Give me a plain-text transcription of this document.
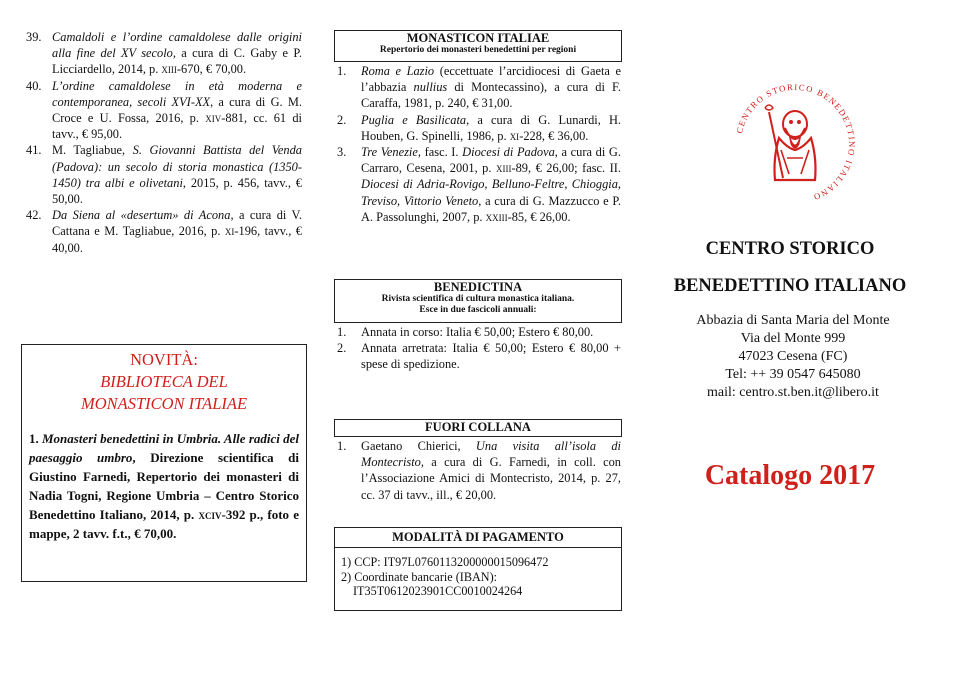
39. Camaldoli e l’ordine camaldolese dalle origini alla fine del XV secolo, a cura di C. Gaby e P. Licciardello, 2014, p. xiii-670, € 70,00.
40. L’ordine camaldolese in età moderna e contemporanea, secoli XVI-XX, a cura di G. M. Croce e U. Fossa, 2016, p. xiv-881, cc. 61 di tavv., € 95,00.
41. M. Tagliabue, S. Giovanni Battista del Venda (Padova): un secolo di storia monastica (1350-1450) tra albi e olivetani, 2015, p. 456, tavv., € 50,00.
42. Da Siena al «desertum» di Acona, a cura di V. Cattana e M. Tagliabue, 2016, p. xi-196, tavv., € 40,00.
NOVITÀ:
BIBLIOTECA DEL
MONASTICON ITALIAE
1. Monasteri benedettini in Umbria. Alle radici del paesaggio umbro, Direzione scientifica di Giustino Farnedi, Repertorio dei monasteri di Nadia Togni, Regione Umbria – Centro Storico Benedettino Italiano, 2014, p. xciv-392 p., foto e mappe, 2 tavv. f.t., € 70,00.
MONASTICON ITALIAE
Repertorio dei monasteri benedettini per regioni
1.	Roma e Lazio (eccettuate l’arcidiocesi di Gaeta e l’abbazia nullius di Montecassino), a cura di F. Caraffa, 1981, p. 240, € 31,00.
2.	Puglia e Basilicata, a cura di G. Lunardi, H. Houben, G. Spinelli, 1986, p. xi-228, € 36,00.
3.	Tre Venezie, fasc. I. Diocesi di Padova, a cura di G. Carraro, Cesena, 2001, p. xiii-89, € 26,00; fasc. II. Diocesi di Adria-Rovigo, Belluno-Feltre, Chioggia, Treviso, Vittorio Veneto, a cura di G. Mazzucco e P. A. Passolunghi, 2007, p. xxiii-85, € 26,00.
BENEDICTINA
Rivista scientifica di cultura monastica italiana.
Esce in due fascicoli annuali:
1.	Annata in corso: Italia € 50,00; Estero € 80,00.
2.	Annata arretrata: Italia € 50,00; Estero € 80,00 + spese di spedizione.
FUORI COLLANA
1.	Gaetano Chierici, Una visita all’isola di Montecristo, a cura di G. Farnedi, in coll. con l’Associazione Amici di Montecristo, 2014, p. 27, cc. 37 di tavv., ill., € 20,00.
MODALITÀ DI PAGAMENTO
1) CCP: IT97L0760113200000015096472
2) Coordinate bancarie (IBAN):
IT35T0612023901CC0010024264
CENTRO STORICO BENEDETTINO ITALIANO
CENTRO STORICO
BENEDETTINO ITALIANO
Abbazia di Santa Maria del Monte
Via del Monte 999
47023 Cesena (FC)
Tel: ++ 39 0547 645080
mail: centro.st.ben.it@libero.it
Catalogo 2017
